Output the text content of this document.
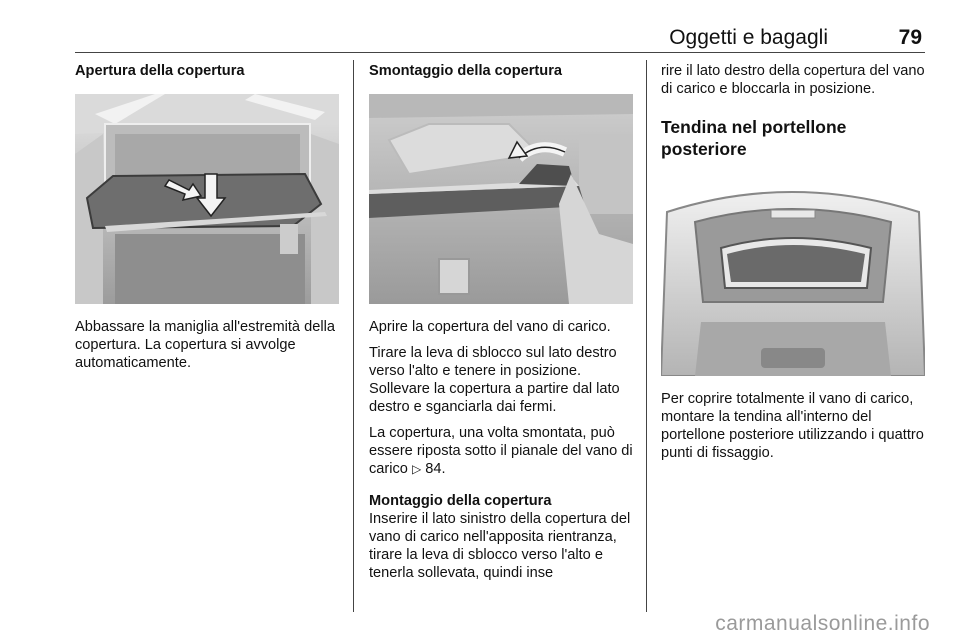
Oggetti e bagagli	79
Apertura della copertura

Abbassare la maniglia all'estremità della copertura. La copertura si avvolge automaticamente.

Smontaggio della copertura

Aprire la copertura del vano di carico.

Tirare la leva di sblocco sul lato destro verso l'alto e tenere in posizione. Sollevare la copertura a partire dal lato destro e sganciarla dai fermi.

La copertura, una volta smontata, può essere riposta sotto il pianale del vano di carico ▷ 84.

Montaggio della copertura

Inserire il lato sinistro della copertura del vano di carico nell'apposita rientranza, tirare la leva di sblocco verso l'alto e tenerla sollevata, quindi inse

rire il lato destro della copertura del vano di carico e bloccarla in posizione.

Tendina nel portellone posteriore

Per coprire totalmente il vano di carico, montare la tendina all'interno del portellone posteriore utilizzando i quattro punti di fissaggio.

carmanualsonline.info
